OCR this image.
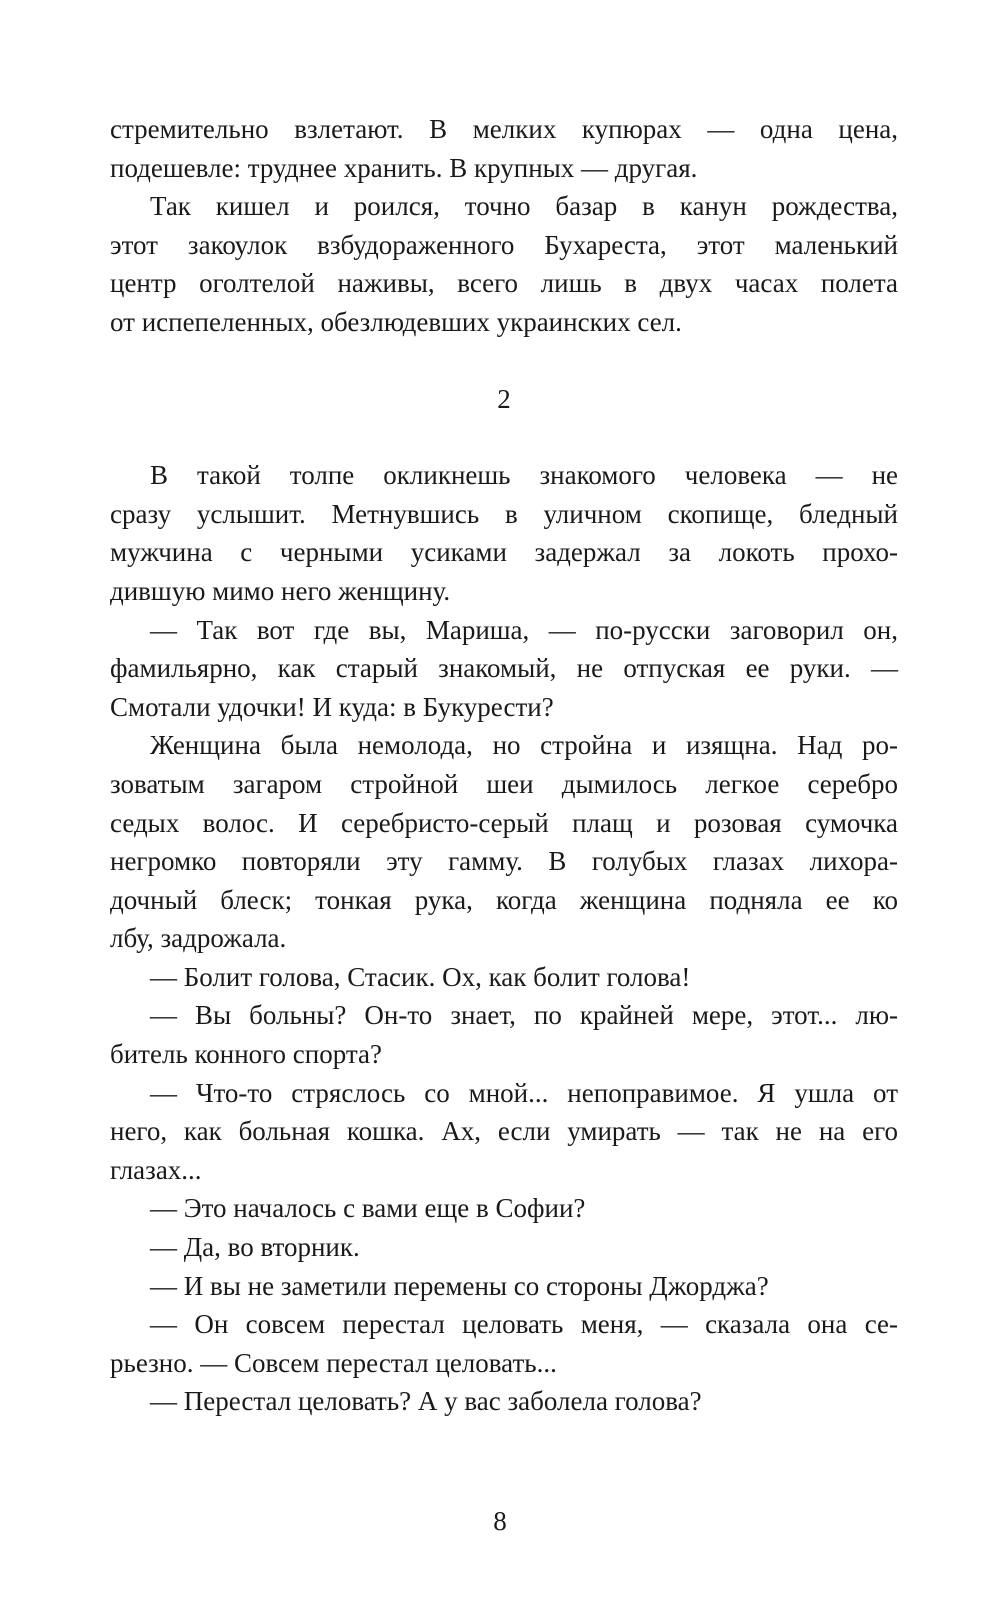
стремительно взлетают. В мелких купюрах — одна цена,
подешевле: труднее хранить. В крупных — другая.
Так кишел и роился, точно базар в канун рождества,
этот закоулок взбудораженного Бухареста, этот маленький
центр оголтелой наживы, всего лишь в двух часах полета
от испепеленных, обезлюдевших украинских сел.
2
В такой толпе окликнешь знакомого человека — не
сразу услышит. Метнувшись в уличном скопище, бледный
мужчина с черными усиками задержал за локоть прохо-
дившую мимо него женщину.
— Так вот где вы, Мариша, — по-русски заговорил он,
фамильярно, как старый знакомый, не отпуская ее руки. —
Смотали удочки! И куда: в Букурести?
Женщина была немолода, но стройна и изящна. Над ро-
зоватым загаром стройной шеи дымилось легкое серебро
седых волос. И серебристо-серый плащ и розовая сумочка
негромко повторяли эту гамму. В голубых глазах лихора-
дочный блеск; тонкая рука, когда женщина подняла ее ко
лбу, задрожала.
— Болит голова, Стасик. Ох, как болит голова!
— Вы больны? Он-то знает, по крайней мере, этот... лю-
битель конного спорта?
— Что-то стряслось со мной... непоправимое. Я ушла от
него, как больная кошка. Ах, если умирать — так не на его
глазах...
— Это началось с вами еще в Софии?
— Да, во вторник.
— И вы не заметили перемены со стороны Джорджа?
— Он совсем перестал целовать меня, — сказала она се-
рьезно. — Совсем перестал целовать...
— Перестал целовать? А у вас заболела голова?
8
